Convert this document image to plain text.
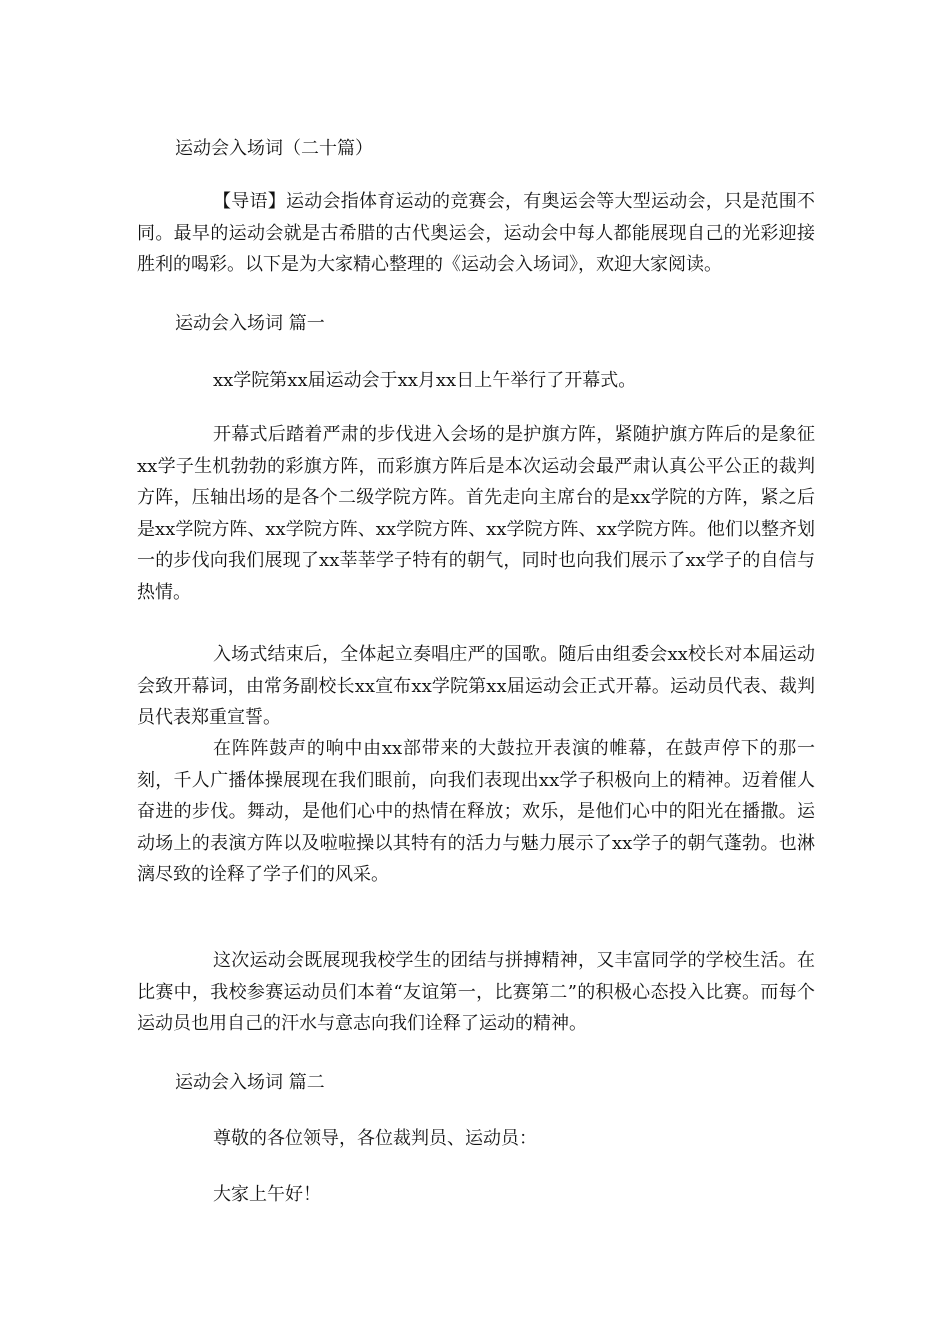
运动会入场词（二十篇）

【导语】运动会指体育运动的竞赛会，有奥运会等大型运动会，只是范围不同。最早的运动会就是古希腊的古代奥运会，运动会中每人都能展现自己的光彩迎接胜利的喝彩。以下是为大家精心整理的《运动会入场词》，欢迎大家阅读。

运动会入场词 篇一

xx学院第xx届运动会于xx月xx日上午举行了开幕式。

开幕式后踏着严肃的步伐进入会场的是护旗方阵，紧随护旗方阵后的是象征xx学子生机勃勃的彩旗方阵，而彩旗方阵后是本次运动会最严肃认真公平公正的裁判方阵，压轴出场的是各个二级学院方阵。首先走向主席台的是xx学院的方阵，紧之后是xx学院方阵、xx学院方阵、xx学院方阵、xx学院方阵、xx学院方阵。他们以整齐划一的步伐向我们展现了xx莘莘学子特有的朝气，同时也向我们展示了xx学子的自信与热情。

入场式结束后，全体起立奏唱庄严的国歌。随后由组委会xx校长对本届运动会致开幕词，由常务副校长xx宣布xx学院第xx届运动会正式开幕。运动员代表、裁判员代表郑重宣誓。

在阵阵鼓声的响中由xx部带来的大鼓拉开表演的帷幕，在鼓声停下的那一刻，千人广播体操展现在我们眼前，向我们表现出xx学子积极向上的精神。迈着催人奋进的步伐。舞动，是他们心中的热情在释放；欢乐，是他们心中的阳光在播撒。运动场上的表演方阵以及啦啦操以其特有的活力与魅力展示了xx学子的朝气蓬勃。也淋漓尽致的诠释了学子们的风采。

这次运动会既展现我校学生的团结与拼搏精神，又丰富同学的学校生活。在比赛中，我校参赛运动员们本着“友谊第一，比赛第二”的积极心态投入比赛。而每个运动员也用自己的汗水与意志向我们诠释了运动的精神。

运动会入场词 篇二

尊敬的各位领导，各位裁判员、运动员：

大家上午好！
